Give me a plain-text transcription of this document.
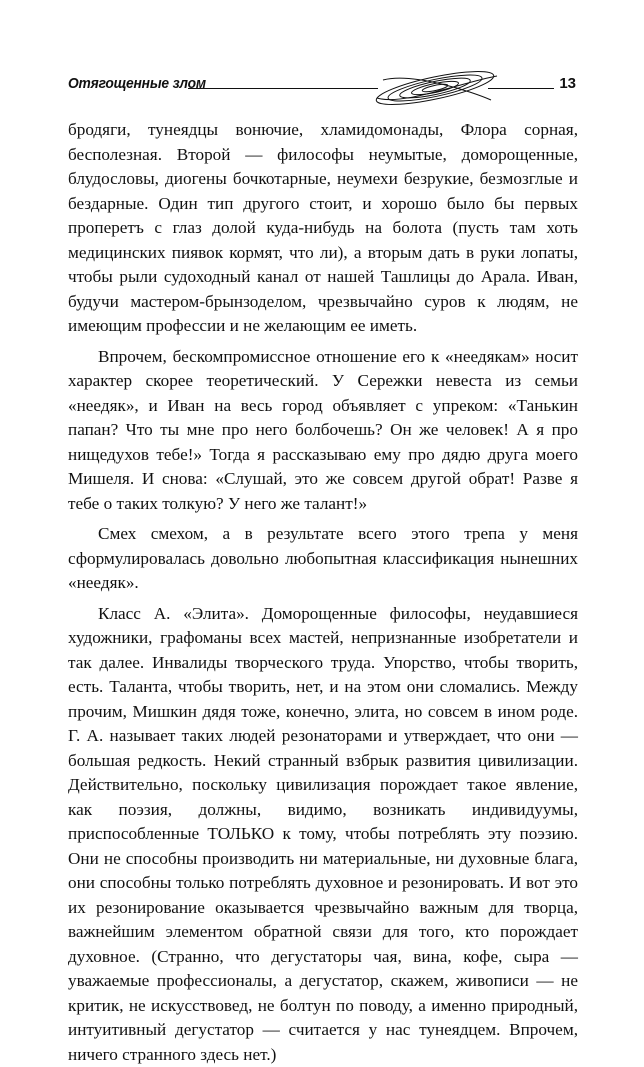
Отягощенные злом	13

бродяги, тунеядцы вонючие, хламидомонады, Флора сорная, бесполезная. Второй — философы неумытые, доморощенные, блудословы, диогены бочкотарные, неумехи безрукие, безмозглые и бездарные. Один тип другого стоит, и хорошо было бы первых проперетъ с глаз долой куда-нибудь на болота (пусть там хоть медицинских пиявок кормят, что ли), а вторым дать в руки лопаты, чтобы рыли судоходный канал от нашей Ташлицы до Арала. Иван, будучи мастером-брынзоделом, чрезвычайно суров к людям, не имеющим профессии и не желающим ее иметь.

Впрочем, бескомпромиссное отношение его к «неедякам» носит характер скорее теоретический. У Сережки невеста из семьи «неедяк», и Иван на весь город объявляет с упреком: «Танькин папан? Что ты мне про него болбочешь? Он же человек! А я про нищедухов тебе!» Тогда я рассказываю ему про дядю друга моего Мишеля. И снова: «Слушай, это же совсем другой обрат! Разве я тебе о таких толкую? У него же талант!»

Смех смехом, а в результате всего этого трепа у меня сформулировалась довольно любопытная классификация нынешних «неедяк».

Класс А. «Элита». Доморощенные философы, неудавшиеся художники, графоманы всех мастей, непризнанные изобретатели и так далее. Инвалиды творческого труда. Упорство, чтобы творить, есть. Таланта, чтобы творить, нет, и на этом они сломались. Между прочим, Мишкин дядя тоже, конечно, элита, но совсем в ином роде. Г. А. называет таких людей резонаторами и утверждает, что они — большая редкость. Некий странный взбрык развития цивилизации. Действительно, поскольку цивилизация порождает такое явление, как поэзия, должны, видимо, возникать индивидуумы, приспособленные ТОЛЬКО к тому, чтобы потреблять эту поэзию. Они не способны производить ни материальные, ни духовные блага, они способны только потреблять духовное и резонировать. И вот это их резонирование оказывается чрезвычайно важным для творца, важнейшим элементом обратной связи для того, кто порождает духовное. (Странно, что дегустаторы чая, вина, кофе, сыра — уважаемые профессионалы, а дегустатор, скажем, живописи — не критик, не искусствовед, не болтун по поводу, а именно природный, интуитивный дегустатор — считается у нас тунеядцем. Впрочем, ничего странного здесь нет.)
